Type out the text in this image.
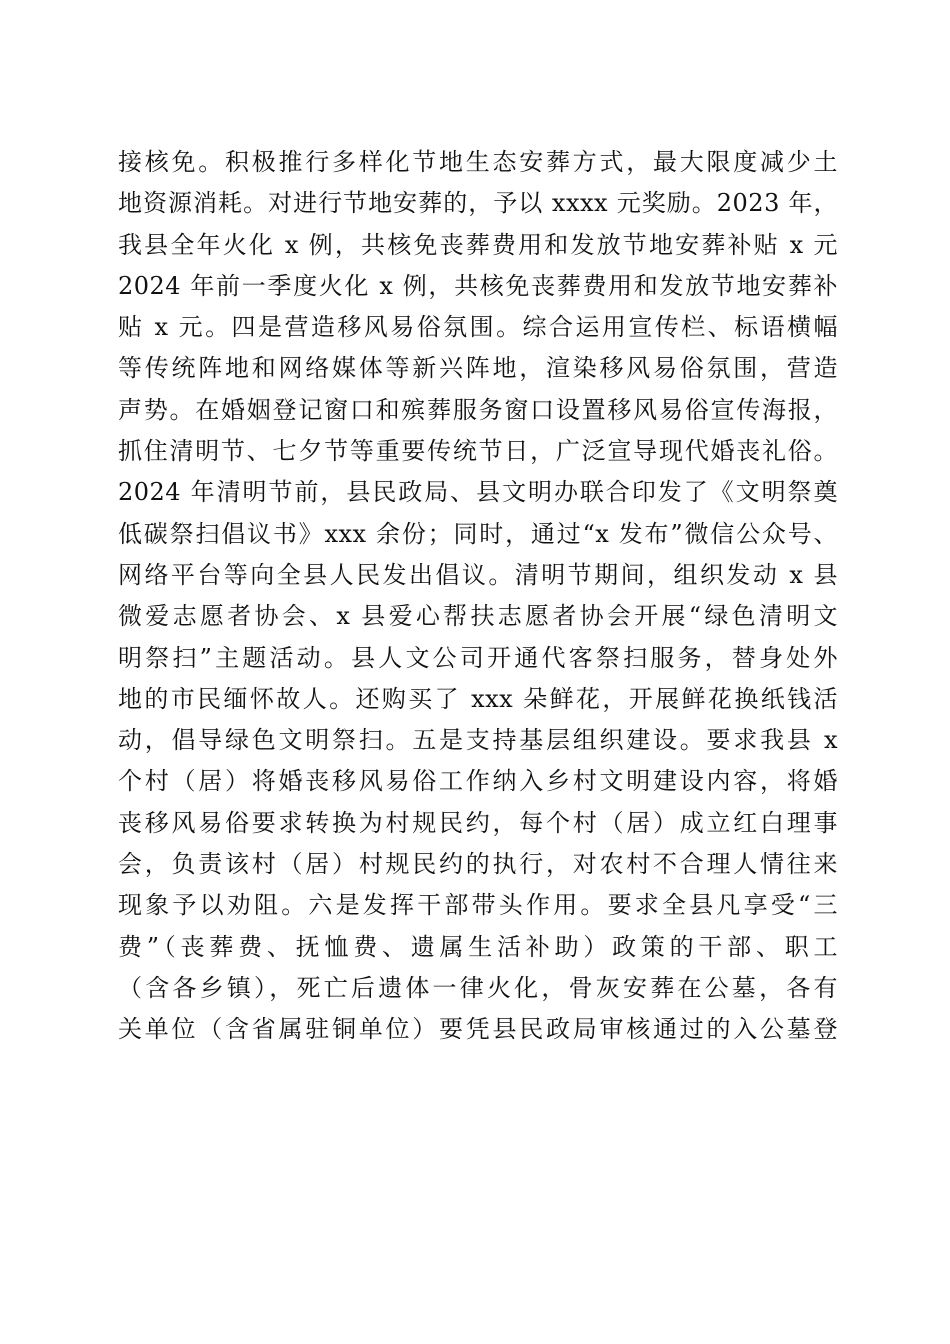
接核免。积极推行多样化节地生态安葬方式，最大限度减少土
地资源消耗。对进行节地安葬的，予以 xxxx 元奖励。2023 年，
我县全年火化 x 例，共核免丧葬费用和发放节地安葬补贴 x 元
2024 年前一季度火化 x 例，共核免丧葬费用和发放节地安葬补
贴 x 元。四是营造移风易俗氛围。综合运用宣传栏、标语横幅
等传统阵地和网络媒体等新兴阵地，渲染移风易俗氛围，营造
声势。在婚姻登记窗口和殡葬服务窗口设置移风易俗宣传海报，
抓住清明节、七夕节等重要传统节日，广泛宣导现代婚丧礼俗。
2024 年清明节前，县民政局、县文明办联合印发了《文明祭奠
低碳祭扫倡议书》xxx 余份；同时，通过“x 发布”微信公众号、
网络平台等向全县人民发出倡议。清明节期间，组织发动 x 县
微爱志愿者协会、x 县爱心帮扶志愿者协会开展“绿色清明文
明祭扫”主题活动。县人文公司开通代客祭扫服务，替身处外
地的市民缅怀故人。还购买了 xxx 朵鲜花，开展鲜花换纸钱活
动，倡导绿色文明祭扫。五是支持基层组织建设。要求我县 x
个村（居）将婚丧移风易俗工作纳入乡村文明建设内容，将婚
丧移风易俗要求转换为村规民约，每个村（居）成立红白理事
会，负责该村（居）村规民约的执行，对农村不合理人情往来
现象予以劝阻。六是发挥干部带头作用。要求全县凡享受“三
费”（丧葬费、抚恤费、遗属生活补助）政策的干部、职工
（含各乡镇），死亡后遗体一律火化，骨灰安葬在公墓，各有
关单位（含省属驻铜单位）要凭县民政局审核通过的入公墓登
